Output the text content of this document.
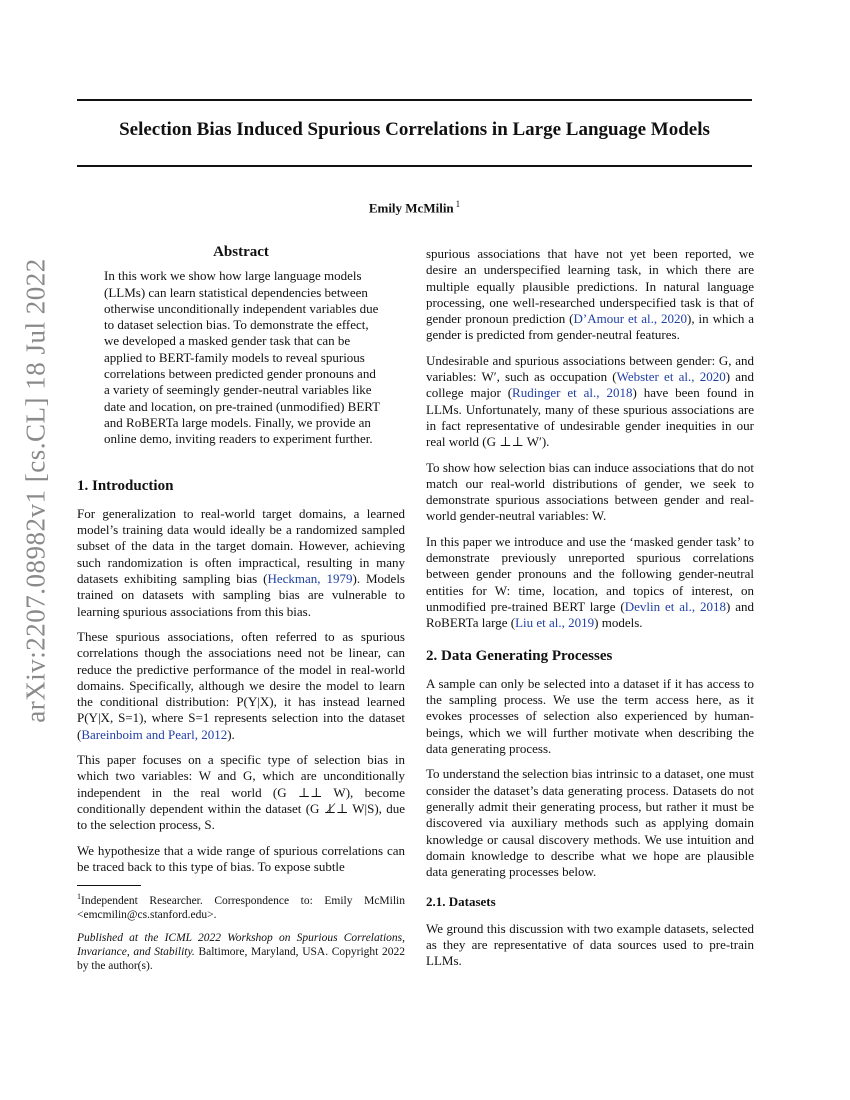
arXiv:2207.08982v1 [cs.CL] 18 Jul 2022
Selection Bias Induced Spurious Correlations in Large Language Models
Emily McMilin $^1$
Abstract

In this work we show how large language models (LLMs) can learn statistical dependencies between otherwise unconditionally independent variables due to dataset selection bias. To demonstrate the effect, we developed a masked gender task that can be applied to BERT-family models to reveal spurious correlations between predicted gender pronouns and a variety of seemingly gender-neutral variables like date and location, on pre-trained (unmodified) BERT and RoBERTa large models. Finally, we provide an online demo, inviting readers to experiment further.

1. Introduction

For generalization to real-world target domains, a learned model’s training data would ideally be a randomized sampled subset of the data in the target domain. However, achieving such randomization is often impractical, resulting in many datasets exhibiting sampling bias (Heckman, 1979). Models trained on datasets with sampling bias are vulnerable to learning spurious associations from this bias.

These spurious associations, often referred to as spurious correlations though the associations need not be linear, can reduce the predictive performance of the model in real-world domains. Specifically, although we desire the model to learn the conditional distribution: P(Y|X), it has instead learned P(Y|X, S=1), where S=1 represents selection into the dataset (Bareinboim and Pearl, 2012).

This paper focuses on a specific type of selection bias in which two variables: W and G, which are unconditionally independent in the real world (G ⊥⊥ W), become conditionally dependent within the dataset (G ⊥̸⊥ W|S), due to the selection process, S.

We hypothesize that a wide range of spurious correlations can be traced back to this type of bias. To expose subtle

$^1$Independent Researcher. Correspondence to: Emily McMilin <emcmilin@cs.stanford.edu>.

Published at the ICML 2022 Workshop on Spurious Correlations, Invariance, and Stability. Baltimore, Maryland, USA. Copyright 2022 by the author(s).

spurious associations that have not yet been reported, we desire an underspecified learning task, in which there are multiple equally plausible predictions. In natural language processing, one well-researched underspecified task is that of gender pronoun prediction (D’Amour et al., 2020), in which a gender is predicted from gender-neutral features.

Undesirable and spurious associations between gender: G, and variables: W′, such as occupation (Webster et al., 2020) and college major (Rudinger et al., 2018) have been found in LLMs. Unfortunately, many of these spurious associations are in fact representative of undesirable gender inequities in our real world (G ⊥⊥ W′).

To show how selection bias can induce associations that do not match our real-world distributions of gender, we seek to demonstrate spurious associations between gender and real-world gender-neutral variables: W.

In this paper we introduce and use the ‘masked gender task’ to demonstrate previously unreported spurious correlations between gender pronouns and the following gender-neutral entities for W: time, location, and topics of interest, on unmodified pre-trained BERT large (Devlin et al., 2018) and RoBERTa large (Liu et al., 2019) models.

2. Data Generating Processes

A sample can only be selected into a dataset if it has access to the sampling process. We use the term access here, as it evokes processes of selection also experienced by human-beings, which we will further motivate when describing the data generating process.

To understand the selection bias intrinsic to a dataset, one must consider the dataset’s data generating process. Datasets do not generally admit their generating process, but rather it must be discovered via auxiliary methods such as applying domain knowledge or causal discovery methods. We use intuition and domain knowledge to describe what we hope are plausible data generating processes below.

2.1. Datasets

We ground this discussion with two example datasets, selected as they are representative of data sources used to pre-train LLMs.
